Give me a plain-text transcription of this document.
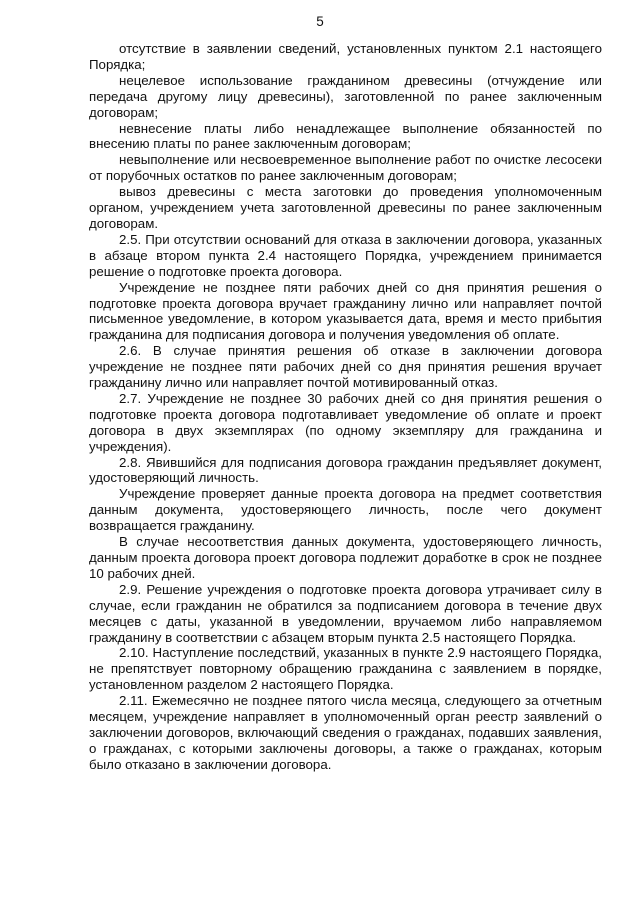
5

отсутствие в заявлении сведений, установленных пунктом 2.1 настоящего Порядка;

нецелевое использование гражданином древесины (отчуждение или передача другому лицу древесины), заготовленной по ранее заключенным договорам;

невнесение платы либо ненадлежащее выполнение обязанностей по внесению платы по ранее заключенным договорам;

невыполнение или несвоевременное выполнение работ по очистке лесосеки от порубочных остатков по ранее заключенным договорам;

вывоз древесины с места заготовки до проведения уполномоченным органом, учреждением учета заготовленной древесины по ранее заключенным договорам.

2.5. При отсутствии оснований для отказа в заключении договора, указанных в абзаце втором пункта 2.4 настоящего Порядка, учреждением принимается решение о подготовке проекта договора.

Учреждение не позднее пяти рабочих дней со дня принятия решения о подготовке проекта договора вручает гражданину лично или направляет почтой письменное уведомление, в котором указывается дата, время и место прибытия гражданина для подписания договора и получения уведомления об оплате.

2.6. В случае принятия решения об отказе в заключении договора учреждение не позднее пяти рабочих дней со дня принятия решения вручает гражданину лично или направляет почтой мотивированный отказ.

2.7. Учреждение не позднее 30 рабочих дней со дня принятия решения о подготовке проекта договора подготавливает уведомление об оплате и проект договора в двух экземплярах (по одному экземпляру для гражданина и учреждения).

2.8. Явившийся для подписания договора гражданин предъявляет документ, удостоверяющий личность.

Учреждение проверяет данные проекта договора на предмет соответствия данным документа, удостоверяющего личность, после чего документ возвращается гражданину.

В случае несоответствия данных документа, удостоверяющего личность, данным проекта договора проект договора подлежит доработке в срок не позднее 10 рабочих дней.

2.9. Решение учреждения о подготовке проекта договора утрачивает силу в случае, если гражданин не обратился за подписанием договора в течение двух месяцев с даты, указанной в уведомлении, вручаемом либо направляемом гражданину в соответствии с абзацем вторым пункта 2.5 настоящего Порядка.

2.10. Наступление последствий, указанных в пункте 2.9 настоящего Порядка, не препятствует повторному обращению гражданина с заявлением в порядке, установленном разделом 2 настоящего Порядка.

2.11. Ежемесячно не позднее пятого числа месяца, следующего за отчетным месяцем, учреждение направляет в уполномоченный орган реестр заявлений о заключении договоров, включающий сведения о гражданах, подавших заявления, о гражданах, с которыми заключены договоры, а также о гражданах, которым было отказано в заключении договора.
